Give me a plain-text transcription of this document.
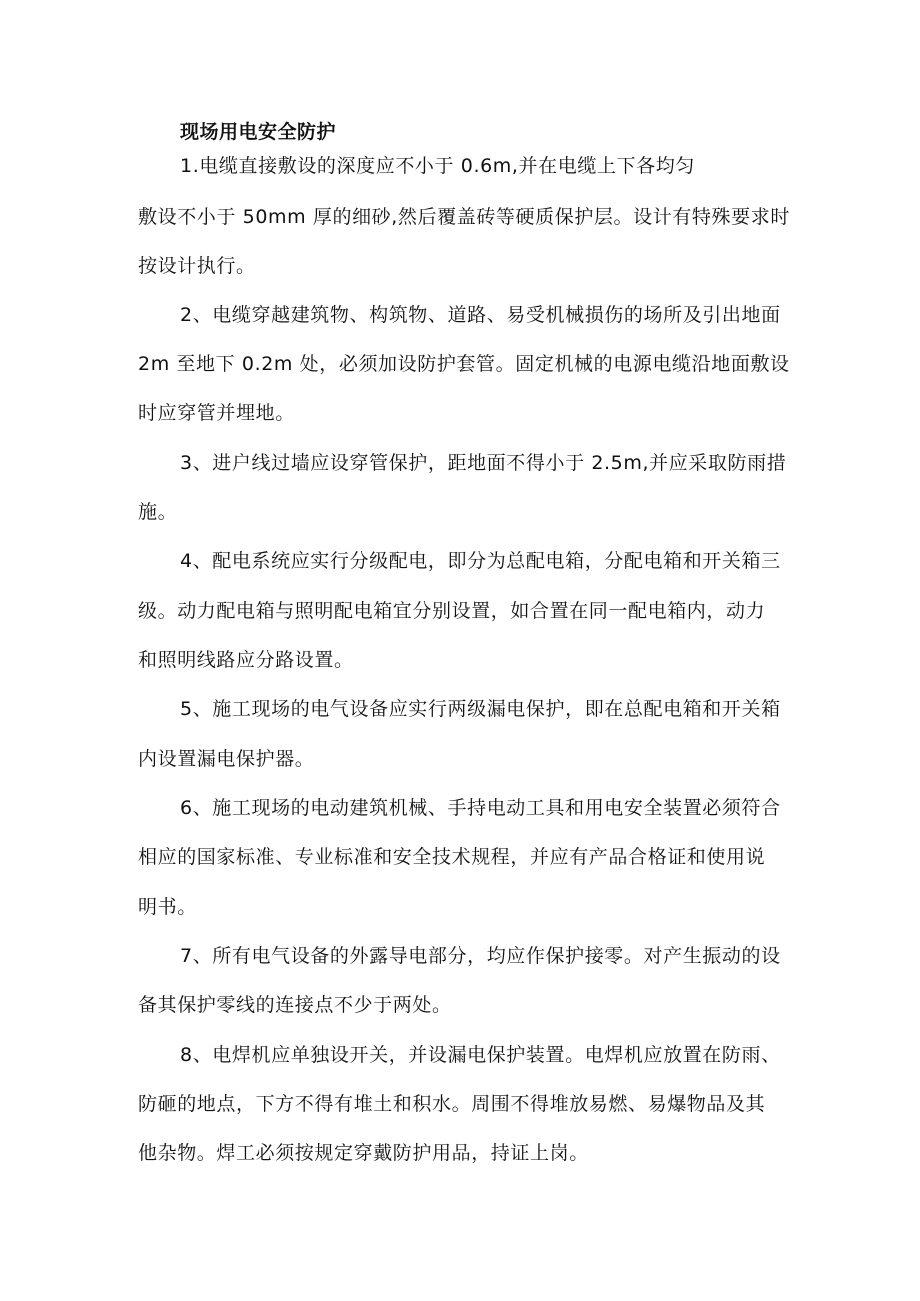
现场用电安全防护
1.电缆直接敷设的深度应不小于 0.6m,并在电缆上下各均匀
敷设不小于 50mm 厚的细砂,然后覆盖砖等硬质保护层。设计有特殊要求时
按设计执行。
2、电缆穿越建筑物、构筑物、道路、易受机械损伤的场所及引出地面
2m 至地下 0.2m 处，必须加设防护套管。固定机械的电源电缆沿地面敷设
时应穿管并埋地。
3、进户线过墙应设穿管保护，距地面不得小于 2.5m,并应采取防雨措
施。
4、配电系统应实行分级配电，即分为总配电箱，分配电箱和开关箱三
级。动力配电箱与照明配电箱宜分别设置，如合置在同一配电箱内，动力
和照明线路应分路设置。
5、施工现场的电气设备应实行两级漏电保护，即在总配电箱和开关箱
内设置漏电保护器。
6、施工现场的电动建筑机械、手持电动工具和用电安全装置必须符合
相应的国家标准、专业标准和安全技术规程，并应有产品合格证和使用说
明书。
7、所有电气设备的外露导电部分，均应作保护接零。对产生振动的设
备其保护零线的连接点不少于两处。
8、电焊机应单独设开关，并设漏电保护装置。电焊机应放置在防雨、
防砸的地点，下方不得有堆土和积水。周围不得堆放易燃、易爆物品及其
他杂物。焊工必须按规定穿戴防护用品，持证上岗。
